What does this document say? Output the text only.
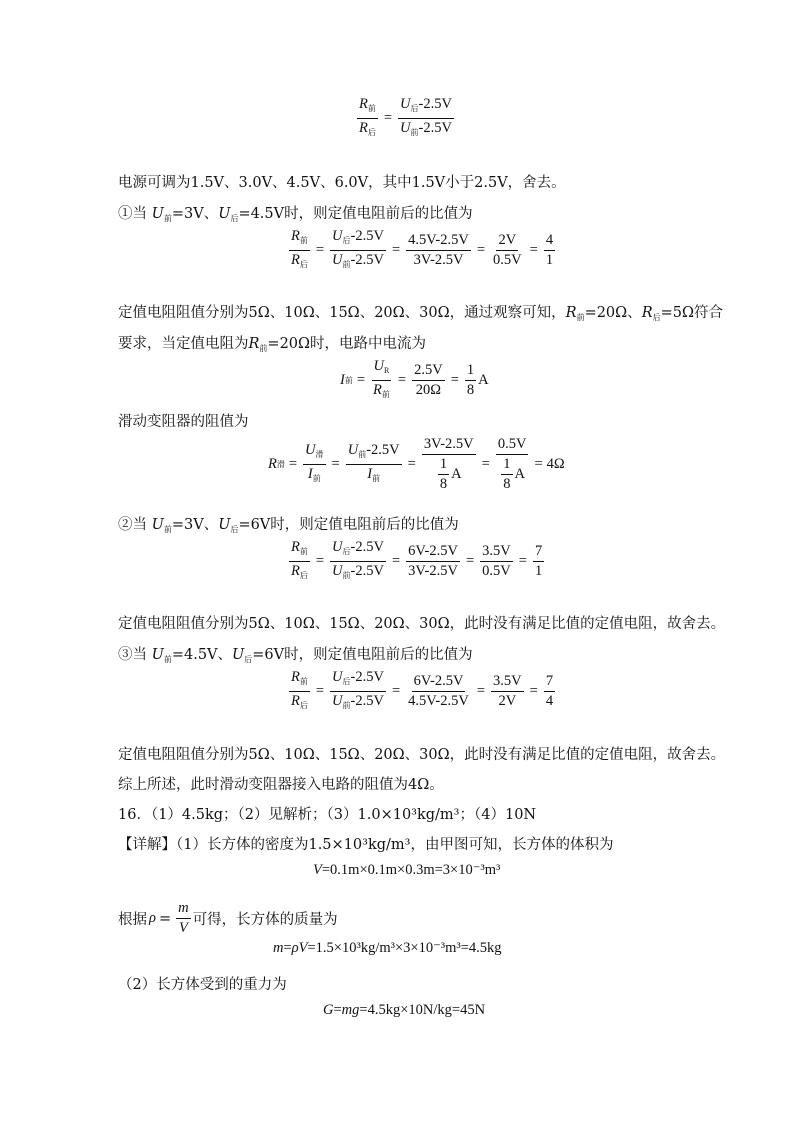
$\frac{R_前}{R_后} = \frac{U_后-2.5V}{U_前-2.5V}$
电源可调为1.5V、3.0V、4.5V、6.0V，其中1.5V小于2.5V，舍去。
①当 $U_前=3V$、$U_后=4.5V$时，则定值电阻前后的比值为
$\frac{R_前}{R_后} = \frac{U_后-2.5V}{U_前-2.5V} = \frac{4.5V-2.5V}{3V-2.5V} = \frac{2V}{0.5V} = \frac{4}{1}$
定值电阻阻值分别为5Ω、10Ω、15Ω、20Ω、30Ω，通过观察可知，$R_前=20\Omega$、$R_后=5\Omega$符合
要求，当定值电阻为$R_前=20\Omega$时，电路中电流为
I 前 = $\frac{U_R}{R_前} = \frac{2.5V}{20\Omega} = \frac{1}{8}$ A
滑动变阻器的阻值为
R 滑 = $\frac{U_滑}{I_前} = \frac{U_前-2.5V}{I_前} = \frac{3V-2.5V}{\frac{1}{8} A} = \frac{0.5V}{\frac{1}{8} A} = 4\Omega$
②当 $U_前=3V$、$U_后=6V$时，则定值电阻前后的比值为
$\frac{R_前}{R_后} = \frac{U_后-2.5V}{U_前-2.5V} = \frac{6V-2.5V}{3V-2.5V} = \frac{3.5V}{0.5V} = \frac{7}{1}$
定值电阻阻值分别为5Ω、10Ω、15Ω、20Ω、30Ω，此时没有满足比值的定值电阻，故舍去。
③当 $U_前=4.5V$、$U_后=6V$时，则定值电阻前后的比值为
$\frac{R_前}{R_后} = \frac{U_后-2.5V}{U_前-2.5V} = \frac{6V-2.5V}{4.5V-2.5V} = \frac{3.5V}{2V} = \frac{7}{4}$
定值电阻阻值分别为5Ω、10Ω、15Ω、20Ω、30Ω，此时没有满足比值的定值电阻，故舍去。
综上所述，此时滑动变阻器接入电路的阻值为4Ω。
16．（1）4.5kg；（2）见解析；（3）1.0×10³kg/m³；（4）10N
【详解】（1）长方体的密度为1.5×10³kg/m³，由甲图可知，长方体的体积为
V =0.1m×0.1m×0.3m=3×10⁻³m³
根据 $\rho = \frac{m}{V}$ 可得，长方体的质量为
m = ρ V =1.5×10³kg/m³×3×10⁻³m³=4.5kg
（2）长方体受到的重力为
G = mg =4.5kg×10N/kg=45N
